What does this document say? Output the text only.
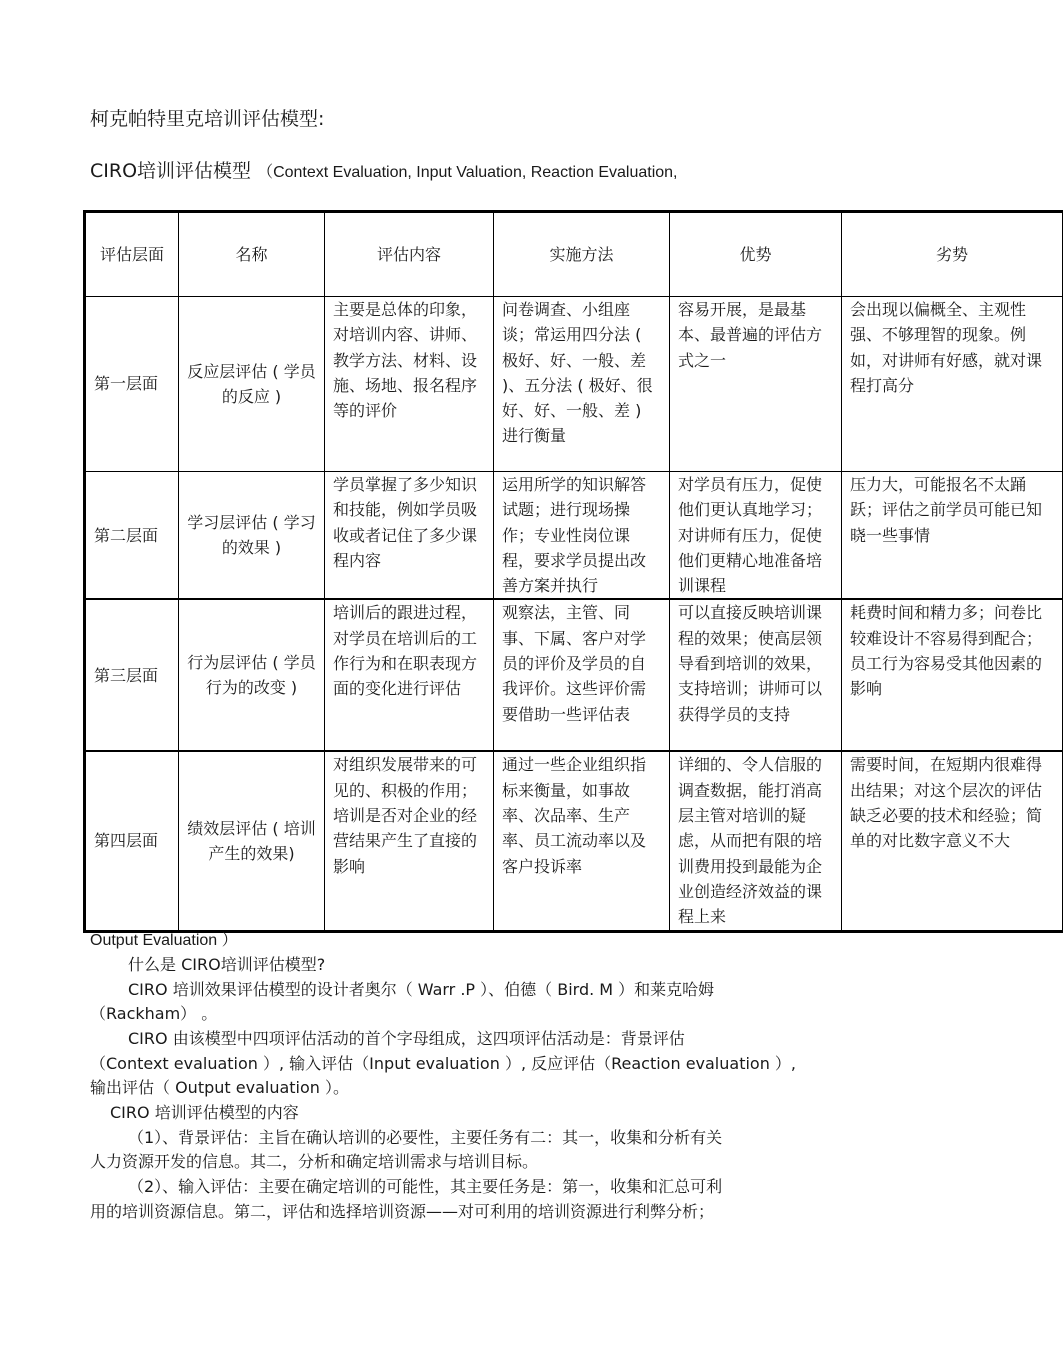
柯克帕特里克培训评估模型:
CIRO培训评估模型 （Context Evaluation, Input Valuation, Reaction Evaluation,
评估层面	名称	评估内容	实施方法	优势	劣势
第一层面	反应层评估 ( 学员的反应 )	主要是总体的印象，对培训内容、讲师、教学方法、材料、设施、场地、报名程序等的评价	问卷调查、小组座谈；常运用四分法 ( 极好、好、一般、差 )、五分法 ( 极好、很好、好、一般、差 ) 进行衡量	容易开展，是最基本、最普遍的评估方式之一	会出现以偏概全、主观性强、不够理智的现象。例如，对讲师有好感，就对课程打高分
第二层面	学习层评估 ( 学习的效果 )	学员掌握了多少知识和技能，例如学员吸收或者记住了多少课程内容	运用所学的知识解答试题；进行现场操作；专业性岗位课程，要求学员提出改善方案并执行	对学员有压力，促使他们更认真地学习；对讲师有压力，促使他们更精心地准备培训课程	压力大，可能报名不太踊跃；评估之前学员可能已知晓一些事情
第三层面	行为层评估 ( 学员行为的改变 )	培训后的跟进过程，对学员在培训后的工作行为和在职表现方面的变化进行评估	观察法，主管、同事、下属、客户对学员的评价及学员的自我评价。这些评价需要借助一些评估表	可以直接反映培训课程的效果；使高层领导看到培训的效果，支持培训；讲师可以获得学员的支持	耗费时间和精力多；问卷比较难设计不容易得到配合；员工行为容易受其他因素的影响
第四层面	绩效层评估 ( 培训产生的效果)	对组织发展带来的可见的、积极的作用；培训是否对企业的经营结果产生了直接的影响	通过一些企业组织指标来衡量，如事故率、次品率、生产率、员工流动率以及客户投诉率	详细的、令人信服的调查数据，能打消高层主管对培训的疑虑，从而把有限的培训费用投到最能为企业创造经济效益的课程上来	需要时间，在短期内很难得出结果；对这个层次的评估缺乏必要的技术和经验；简单的对比数字意义不大
Output Evaluation ）
什么是 CIRO培训评估模型?
CIRO 培训效果评估模型的设计者奥尔（ Warr .P ）、伯德（ Bird. M ）和莱克哈姆
（Rackham） 。
CIRO 由该模型中四项评估活动的首个字母组成，这四项评估活动是：背景评估
（Context evaluation ）, 输入评估（Input evaluation ）, 反应评估（Reaction evaluation ）,
输出评估（ Output evaluation ）。
CIRO 培训评估模型的内容
（1）、背景评估：主旨在确认培训的必要性，主要任务有二：其一，收集和分析有关
人力资源开发的信息。其二，分析和确定培训需求与培训目标。
（2）、输入评估：主要在确定培训的可能性，其主要任务是：第一，收集和汇总可利
用的培训资源信息。第二，评估和选择培训资源——对可利用的培训资源进行利弊分析；
